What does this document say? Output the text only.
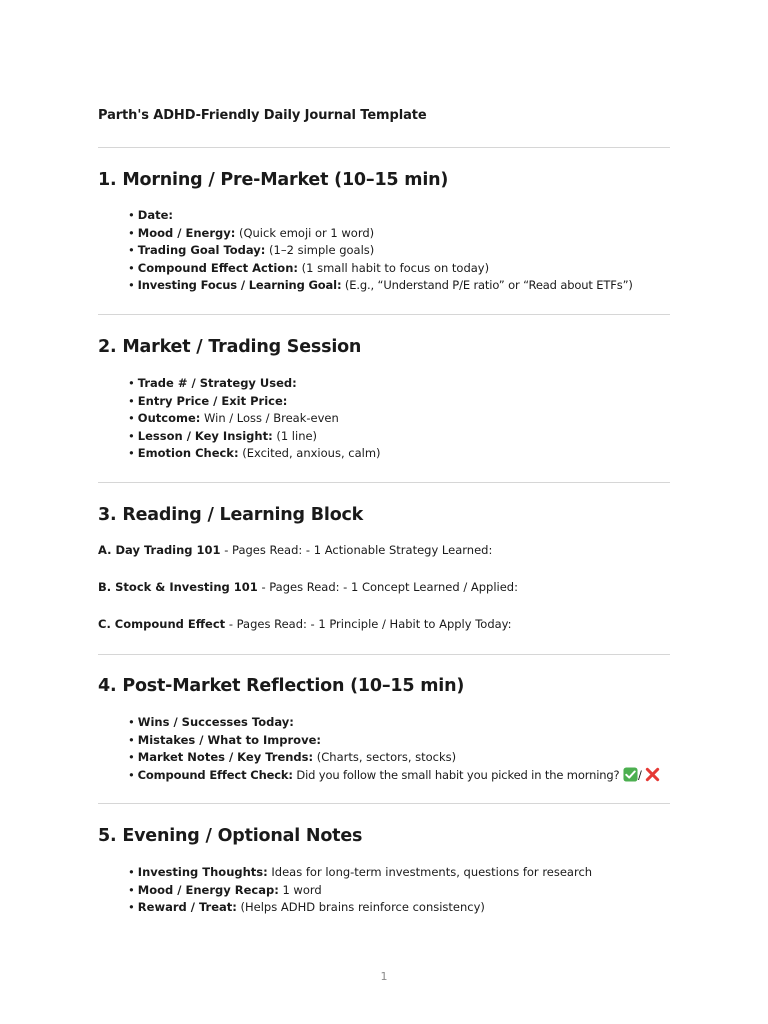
Parth's ADHD-Friendly Daily Journal Template
1. Morning / Pre-Market (10–15 min)
• Date:
• Mood / Energy: (Quick emoji or 1 word)
• Trading Goal Today: (1–2 simple goals)
• Compound Effect Action: (1 small habit to focus on today)
• Investing Focus / Learning Goal: (E.g., “Understand P/E ratio” or “Read about ETFs”)
2. Market / Trading Session
• Trade # / Strategy Used:
• Entry Price / Exit Price:
• Outcome: Win / Loss / Break-even
• Lesson / Key Insight: (1 line)
• Emotion Check: (Excited, anxious, calm)
3. Reading / Learning Block
A. Day Trading 101 - Pages Read: - 1 Actionable Strategy Learned:
B. Stock & Investing 101 - Pages Read: - 1 Concept Learned / Applied:
C. Compound Effect - Pages Read: - 1 Principle / Habit to Apply Today:
4. Post-Market Reflection (10–15 min)
• Wins / Successes Today:
• Mistakes / What to Improve:
• Market Notes / Key Trends: (Charts, sectors, stocks)
• Compound Effect Check: Did you follow the small habit you picked in the morning? /
5. Evening / Optional Notes
• Investing Thoughts: Ideas for long-term investments, questions for research
• Mood / Energy Recap: 1 word
• Reward / Treat: (Helps ADHD brains reinforce consistency)
1
